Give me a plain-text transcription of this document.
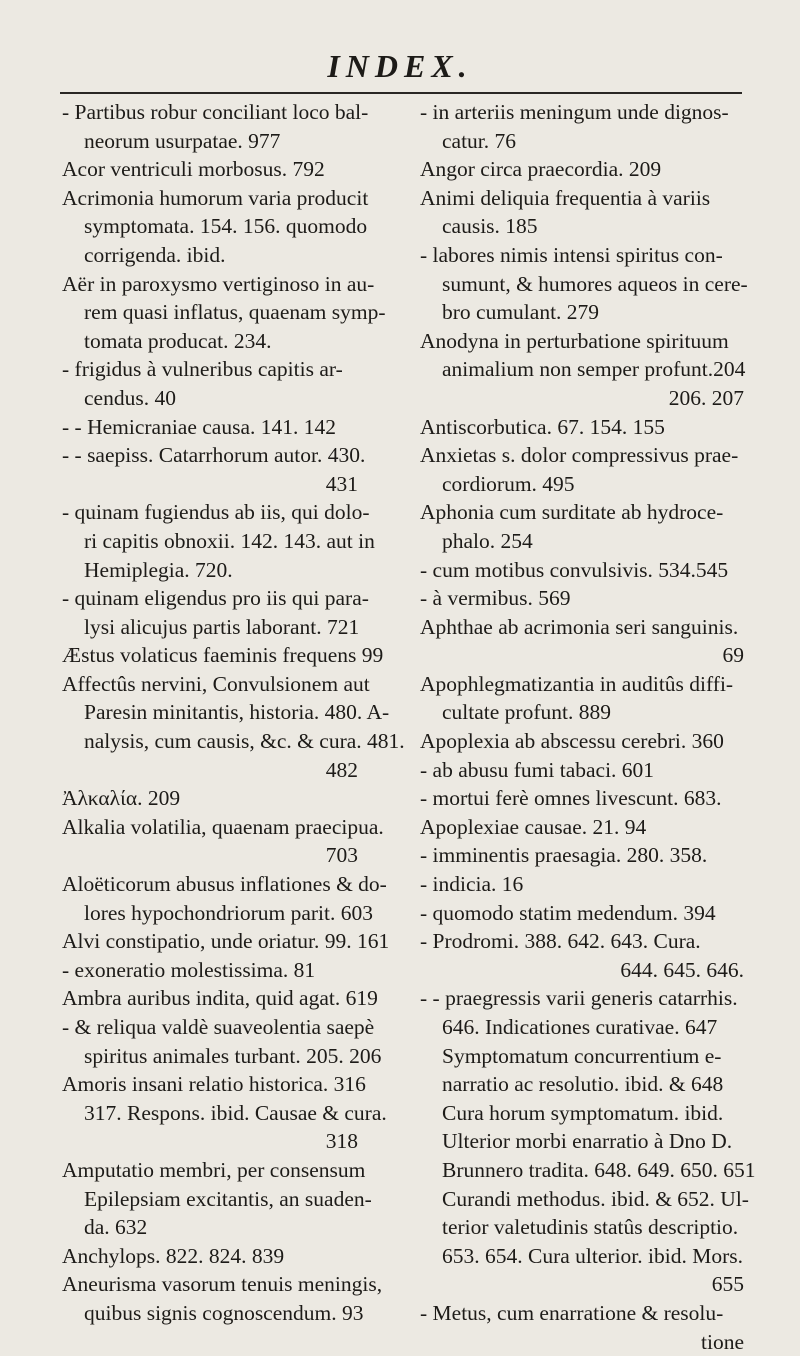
INDEX.
- Partibus robur conciliant loco bal-
neorum usurpatae. 977
Acor ventriculi morbosus. 792
Acrimonia humorum varia producit
symptomata. 154. 156. quomodo
corrigenda. ibid.
Aër in paroxysmo vertiginoso in au-
rem quasi inflatus, quaenam symp-
tomata producat. 234.
- frigidus à vulneribus capitis ar-
cendus. 40
- - Hemicraniae causa. 141. 142
- - saepiss. Catarrhorum autor. 430.
431
- quinam fugiendus ab iis, qui dolo-
ri capitis obnoxii. 142. 143. aut in
Hemiplegia. 720.
- quinam eligendus pro iis qui para-
lysi alicujus partis laborant. 721
Æstus volaticus faeminis frequens 99
Affectûs nervini, Convulsionem aut
Paresin minitantis, historia. 480. A-
nalysis, cum causis, &c. & cura. 481.
482
Ἀλκαλία. 209
Alkalia volatilia, quaenam praecipua.
703
Aloëticorum abusus inflationes & do-
lores hypochondriorum parit. 603
Alvi constipatio, unde oriatur. 99. 161
- exoneratio molestissima. 81
Ambra auribus indita, quid agat. 619
- & reliqua valdè suaveolentia saepè
spiritus animales turbant. 205. 206
Amoris insani relatio historica. 316
317. Respons. ibid. Causae & cura.
318
Amputatio membri, per consensum
Epilepsiam excitantis, an suaden-
da. 632
Anchylops. 822. 824. 839
Aneurisma vasorum tenuis meningis,
quibus signis cognoscendum. 93
- in arteriis meningum unde dignos-
catur. 76
Angor circa praecordia. 209
Animi deliquia frequentia à variis
causis. 185
- labores nimis intensi spiritus con-
sumunt, & humores aqueos in cere-
bro cumulant. 279
Anodyna in perturbatione spirituum
animalium non semper profunt.204
206. 207
Antiscorbutica. 67. 154. 155
Anxietas s. dolor compressivus prae-
cordiorum. 495
Aphonia cum surditate ab hydroce-
phalo. 254
- cum motibus convulsivis. 534.545
- à vermibus. 569
Aphthae ab acrimonia seri sanguinis.
69
Apophlegmatizantia in auditûs diffi-
cultate profunt. 889
Apoplexia ab abscessu cerebri. 360
- ab abusu fumi tabaci. 601
- mortui ferè omnes livescunt. 683.
Apoplexiae causae. 21. 94
- imminentis praesagia. 280. 358.
- indicia. 16
- quomodo statim medendum. 394
- Prodromi. 388. 642. 643. Cura.
644. 645. 646.
- - praegressis varii generis catarrhis.
646. Indicationes curativae. 647
Symptomatum concurrentium e-
narratio ac resolutio. ibid. & 648
Cura horum symptomatum. ibid.
Ulterior morbi enarratio à Dno D.
Brunnero tradita. 648. 649. 650. 651
Curandi methodus. ibid. & 652. Ul-
terior valetudinis statûs descriptio.
653. 654. Cura ulterior. ibid. Mors.
655
- Metus, cum enarratione & resolu-
tione
